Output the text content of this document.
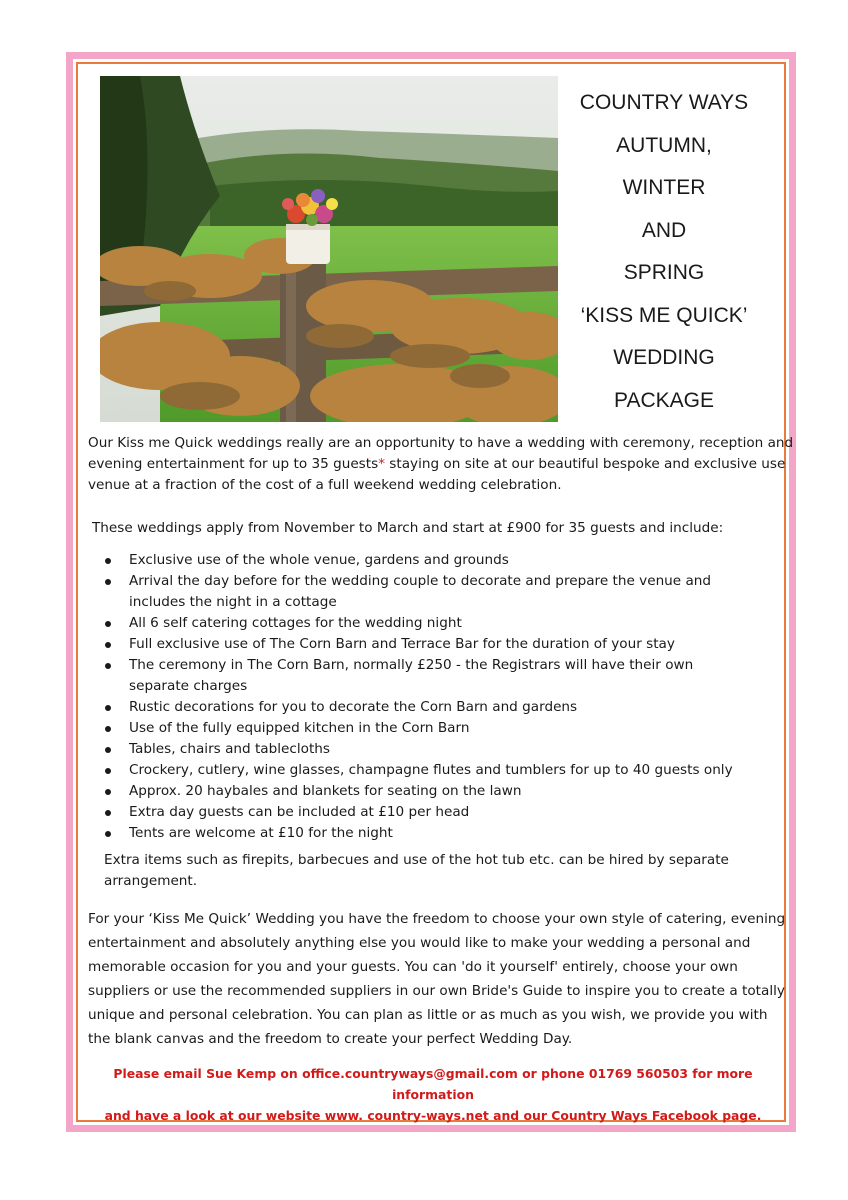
COUNTRY WAYS
AUTUMN,
WINTER
AND
SPRING
‘KISS ME QUICK’
WEDDING
PACKAGE

Our Kiss me Quick weddings really are an opportunity to have a wedding with ceremony, reception and evening entertainment for up to 35 guests* staying on site at our beautiful bespoke and exclusive use venue at a fraction of the cost of a full weekend wedding celebration.

These weddings apply from November to March and start at £900 for 35 guests and include:

Exclusive use of the whole venue, gardens and grounds
Arrival the day before for the wedding couple to decorate and prepare the venue and includes the night in a cottage
All 6 self catering cottages for the wedding night
Full exclusive use of The Corn Barn and Terrace Bar for the duration of your stay
The ceremony in The Corn Barn, normally £250 - the Registrars will have their own separate charges
Rustic decorations for you to decorate the Corn Barn and gardens
Use of the fully equipped kitchen in the Corn Barn
Tables, chairs and tablecloths
Crockery, cutlery, wine glasses, champagne flutes and tumblers for up to 40 guests only
Approx. 20 haybales and blankets for seating on the lawn
Extra day guests can be included at £10 per head
Tents are welcome at £10 for the night

Extra items such as firepits, barbecues and use of the hot tub etc. can be hired by separate arrangement.

For your ‘Kiss Me Quick’ Wedding you have the freedom to choose your own style of catering, evening entertainment and absolutely anything else you would like to make your wedding a personal and memorable occasion for you and your guests. You can 'do it yourself' entirely, choose your own suppliers or use the recommended suppliers in our own Bride's Guide to inspire you to create a totally unique and personal celebration. You can plan as little or as much as you wish, we provide you with the blank canvas and the freedom to create your perfect Wedding Day.

Please email Sue Kemp on office.countryways@gmail.com or phone 01769 560503 for more information
and have a look at our website www. country-ways.net and our Country Ways Facebook page.
